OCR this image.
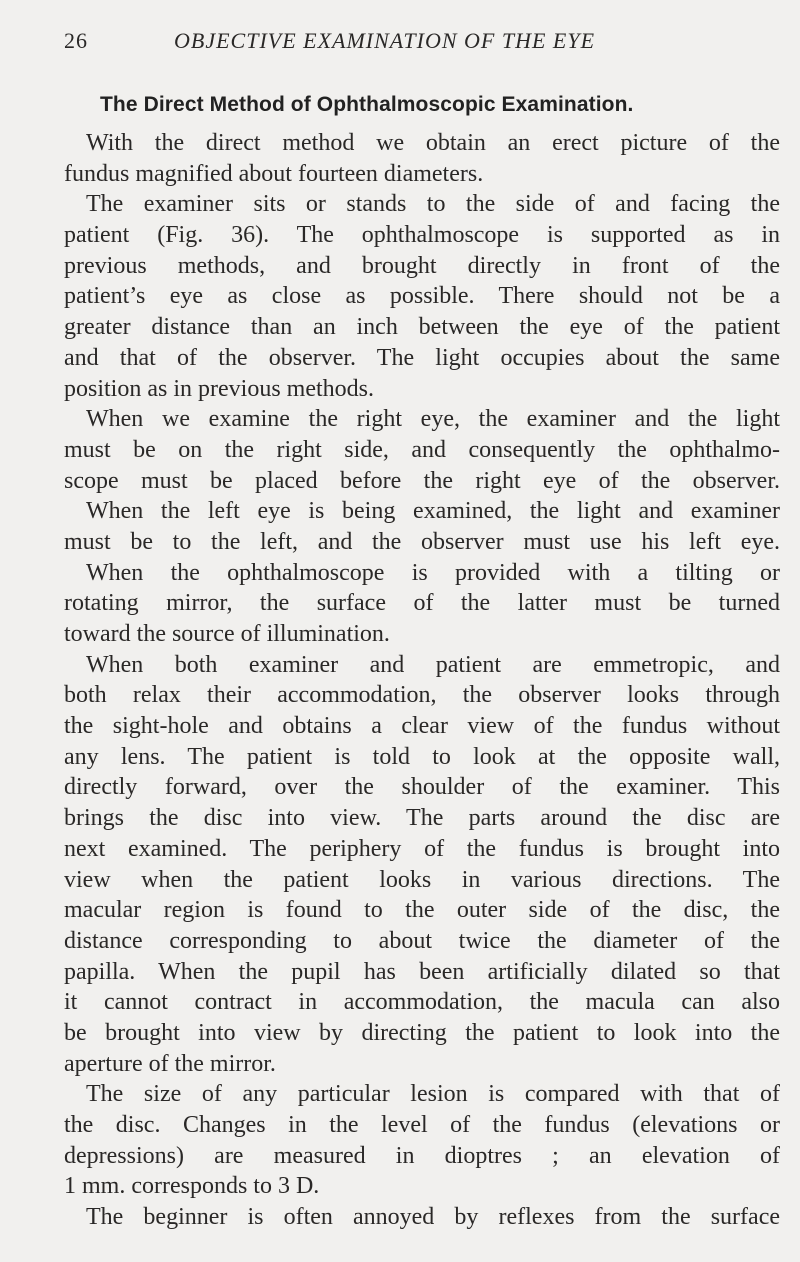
26	OBJECTIVE EXAMINATION OF THE EYE
The Direct Method of Ophthalmoscopic Examination.
With the direct method we obtain an erect picture of the
fundus magnified about fourteen diameters.
The examiner sits or stands to the side of and facing the
patient (Fig. 36). The ophthalmoscope is supported as in
previous methods, and brought directly in front of the
patient’s eye as close as possible. There should not be a
greater distance than an inch between the eye of the patient
and that of the observer. The light occupies about the same
position as in previous methods.
When we examine the right eye, the examiner and the light
must be on the right side, and consequently the ophthalmo-
scope must be placed before the right eye of the observer.
When the left eye is being examined, the light and examiner
must be to the left, and the observer must use his left eye.
When the ophthalmoscope is provided with a tilting or
rotating mirror, the surface of the latter must be turned
toward the source of illumination.
When both examiner and patient are emmetropic, and
both relax their accommodation, the observer looks through
the sight-hole and obtains a clear view of the fundus without
any lens. The patient is told to look at the opposite wall,
directly forward, over the shoulder of the examiner. This
brings the disc into view. The parts around the disc are
next examined. The periphery of the fundus is brought into
view when the patient looks in various directions. The
macular region is found to the outer side of the disc, the
distance corresponding to about twice the diameter of the
papilla. When the pupil has been artificially dilated so that
it cannot contract in accommodation, the macula can also
be brought into view by directing the patient to look into the
aperture of the mirror.
The size of any particular lesion is compared with that of
the disc. Changes in the level of the fundus (elevations or
depressions) are measured in dioptres ; an elevation of
1 mm. corresponds to 3 D.
The beginner is often annoyed by reflexes from the surface
